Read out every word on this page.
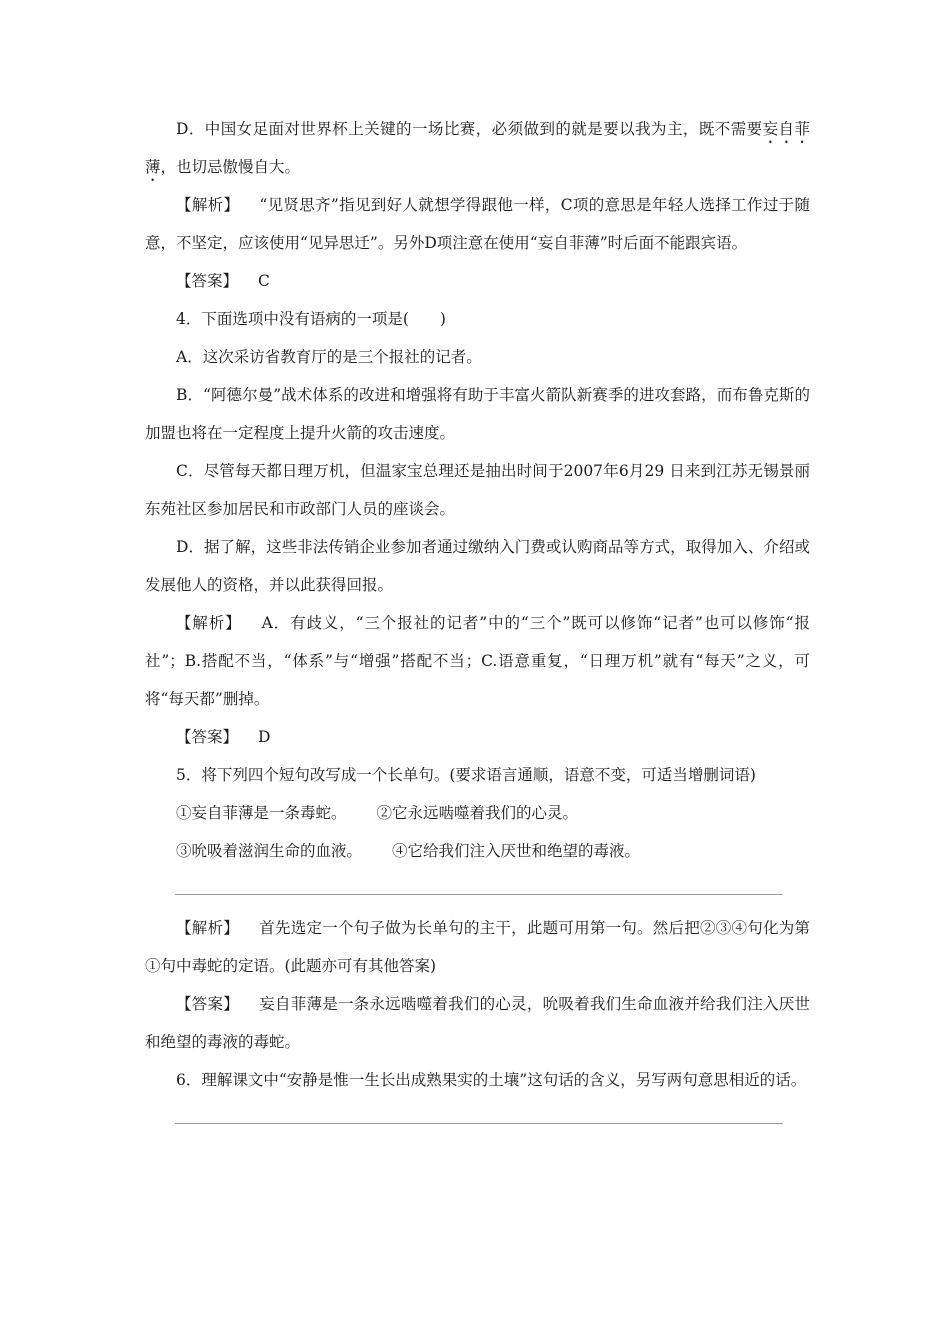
D．中国女足面对世界杯上关键的一场比赛，必须做到的就是要以我为主，既不需要妄自菲薄，也切忌傲慢自大。

【解析】 “见贤思齐”指见到好人就想学得跟他一样，C项的意思是年轻人选择工作过于随意，不坚定，应该使用“见异思迁”。另外D项注意在使用“妄自菲薄”时后面不能跟宾语。

【答案】 C

4．下面选项中没有语病的一项是(　　)

A．这次采访省教育厅的是三个报社的记者。

B．“阿德尔曼”战术体系的改进和增强将有助于丰富火箭队新赛季的进攻套路，而布鲁克斯的加盟也将在一定程度上提升火箭的攻击速度。

C．尽管每天都日理万机，但温家宝总理还是抽出时间于2007年6月29 日来到江苏无锡景丽东苑社区参加居民和市政部门人员的座谈会。

D．据了解，这些非法传销企业参加者通过缴纳入门费或认购商品等方式，取得加入、介绍或发展他人的资格，并以此获得回报。

【解析】 A．有歧义，“三个报社的记者”中的“三个”既可以修饰“记者”也可以修饰“报社”；B.搭配不当，“体系”与“增强”搭配不当；C.语意重复，“日理万机”就有“每天”之义，可将“每天都”删掉。

【答案】 D

5．将下列四个短句改写成一个长单句。(要求语言通顺，语意不变，可适当增删词语)

①妄自菲薄是一条毒蛇。 ②它永远啮噬着我们的心灵。

③吮吸着滋润生命的血液。 ④它给我们注入厌世和绝望的毒液。

【解析】 首先选定一个句子做为长单句的主干，此题可用第一句。然后把②③④句化为第①句中毒蛇的定语。(此题亦可有其他答案)

【答案】 妄自菲薄是一条永远啮噬着我们的心灵，吮吸着我们生命血液并给我们注入厌世和绝望的毒液的毒蛇。

6．理解课文中“安静是惟一生长出成熟果实的土壤”这句话的含义，另写两句意思相近的话。
